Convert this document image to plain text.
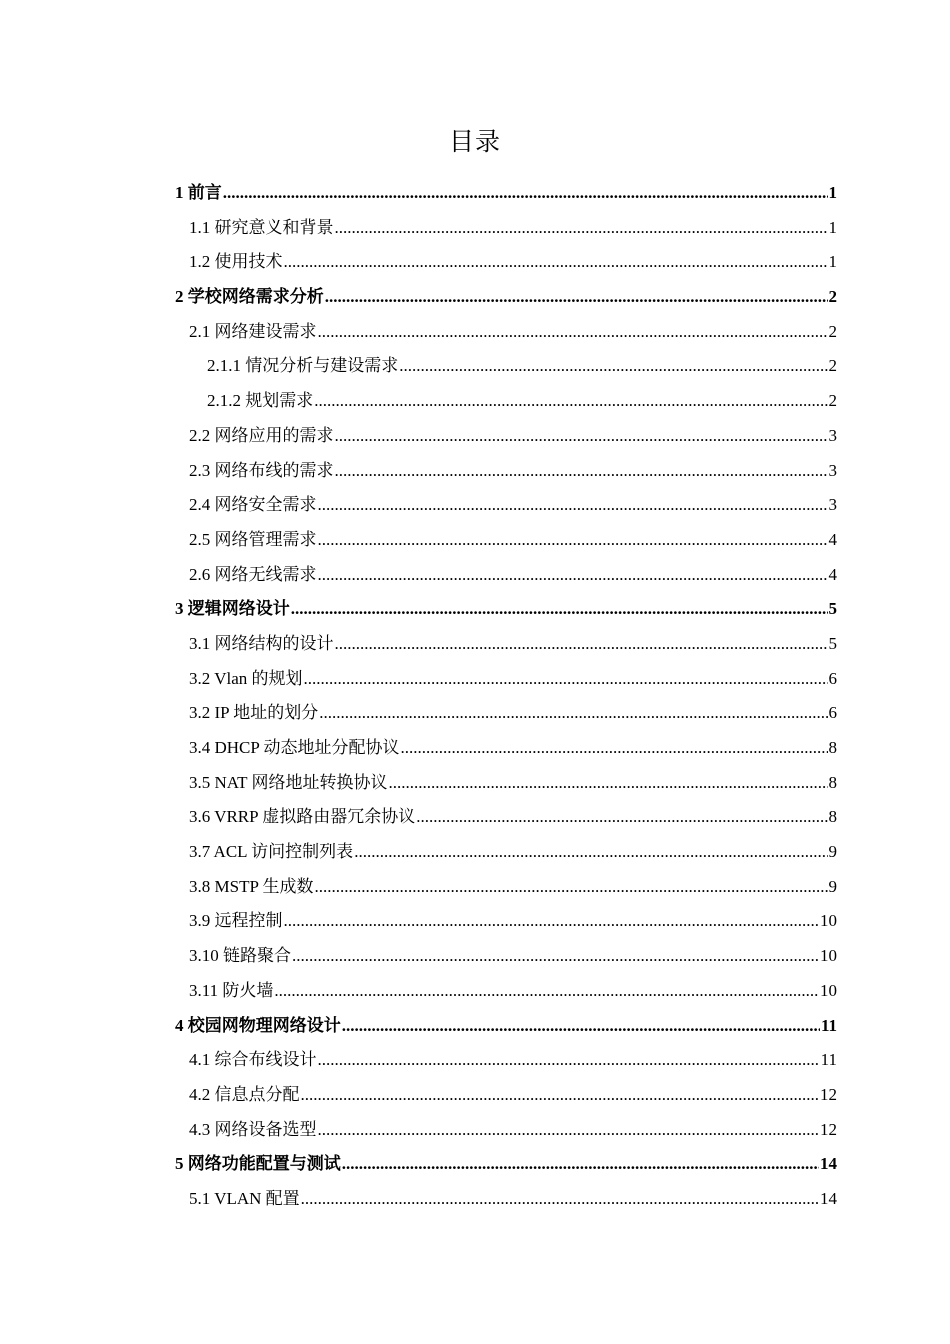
目录
1 前言 .....	1
1.1 研究意义和背景 .....	1
1.2 使用技术 .....	1
2 学校网络需求分析 .....	2
2.1 网络建设需求 .....	2
2.1.1 情况分析与建设需求 .....	2
2.1.2 规划需求 .....	2
2.2 网络应用的需求 .....	3
2.3 网络布线的需求 .....	3
2.4 网络安全需求 .....	3
2.5 网络管理需求 .....	4
2.6 网络无线需求 .....	4
3 逻辑网络设计 .....	5
3.1 网络结构的设计 .....	5
3.2 Vlan 的规划 .....	6
3.2 IP 地址的划分 .....	6
3.4 DHCP 动态地址分配协议 .....	8
3.5 NAT 网络地址转换协议 .....	8
3.6 VRRP 虚拟路由器冗余协议 .....	8
3.7 ACL 访问控制列表 .....	9
3.8 MSTP 生成数 .....	9
3.9 远程控制 .....	10
3.10 链路聚合 .....	10
3.11 防火墙 .....	10
4 校园网物理网络设计 .....	11
4.1 综合布线设计 .....	11
4.2 信息点分配 .....	12
4.3 网络设备选型 .....	12
5 网络功能配置与测试 .....	14
5.1 VLAN 配置 .....	14
